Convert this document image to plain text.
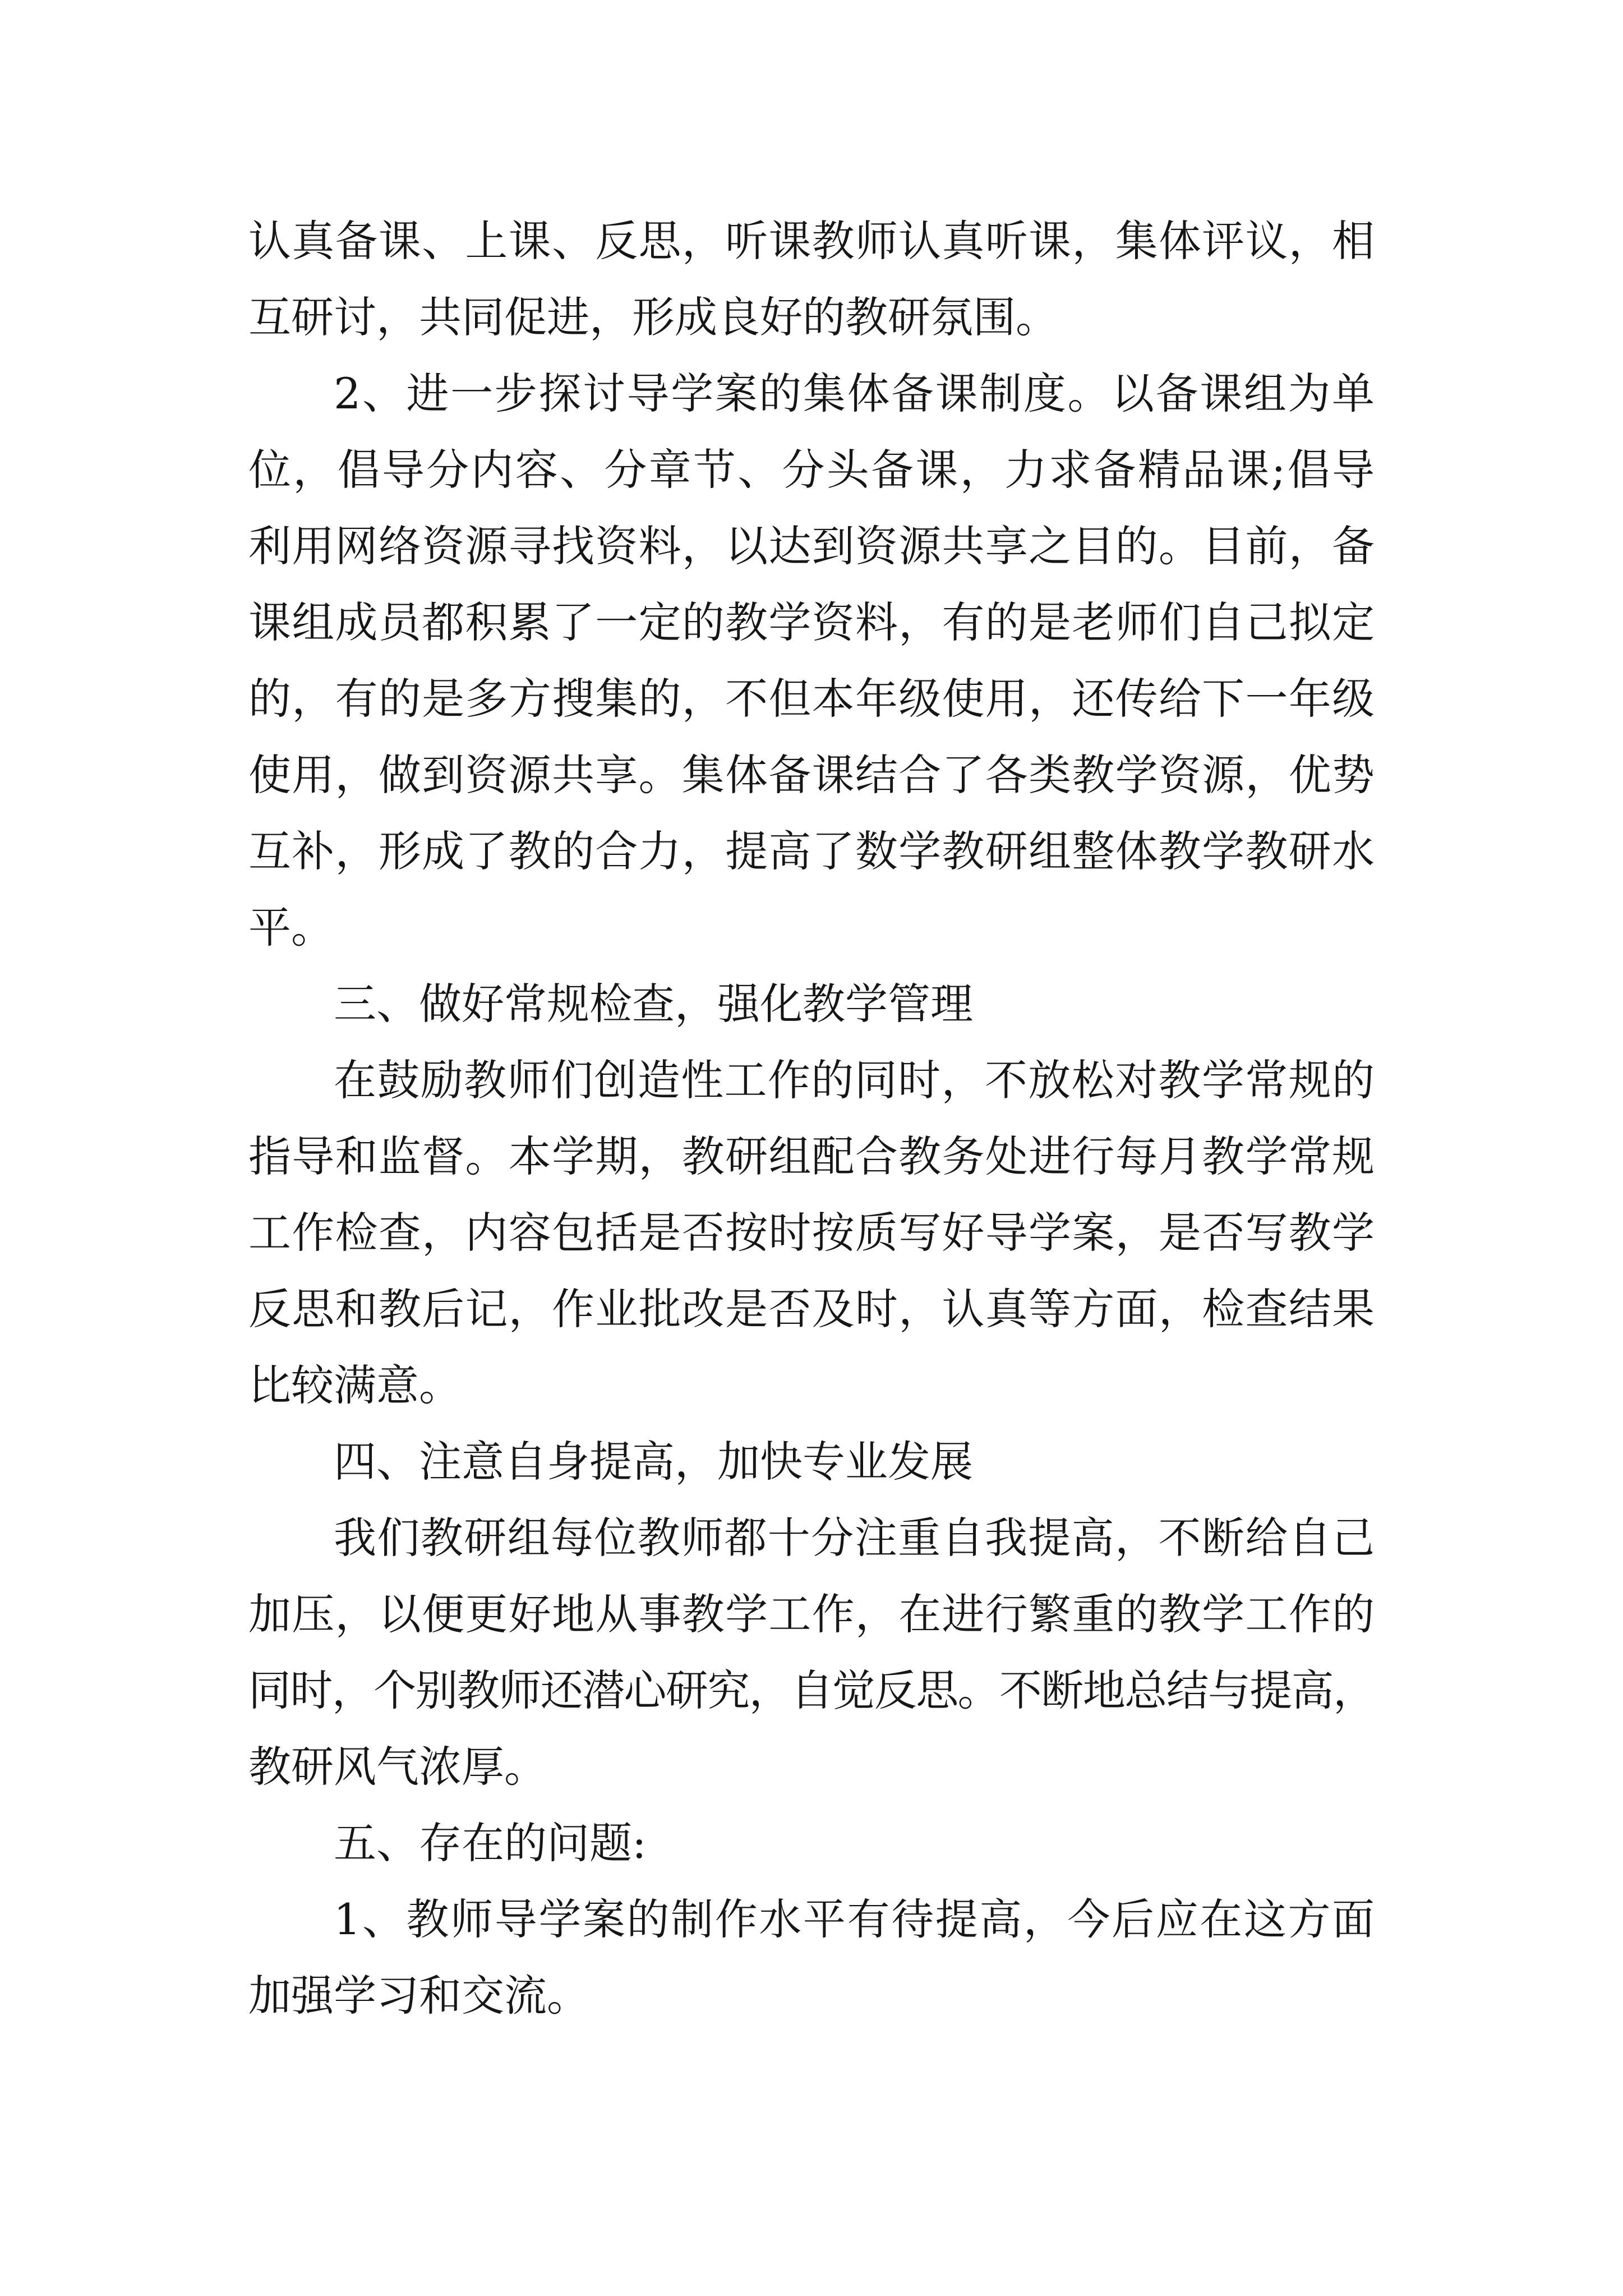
认真备课、上课、反思，听课教师认真听课，集体评议，相
互研讨，共同促进，形成良好的教研氛围。
2、进一步探讨导学案的集体备课制度。以备课组为单
位，倡导分内容、分章节、分头备课，力求备精品课;倡导
利用网络资源寻找资料，以达到资源共享之目的。目前，备
课组成员都积累了一定的教学资料，有的是老师们自己拟定
的，有的是多方搜集的，不但本年级使用，还传给下一年级
使用，做到资源共享。集体备课结合了各类教学资源，优势
互补，形成了教的合力，提高了数学教研组整体教学教研水
平。
三、做好常规检查，强化教学管理
在鼓励教师们创造性工作的同时，不放松对教学常规的
指导和监督。本学期，教研组配合教务处进行每月教学常规
工作检查，内容包括是否按时按质写好导学案，是否写教学
反思和教后记，作业批改是否及时，认真等方面，检查结果
比较满意。
四、注意自身提高，加快专业发展
我们教研组每位教师都十分注重自我提高，不断给自己
加压，以便更好地从事教学工作，在进行繁重的教学工作的
同时，个别教师还潜心研究，自觉反思。不断地总结与提高，
教研风气浓厚。
五、存在的问题:
1、教师导学案的制作水平有待提高，今后应在这方面
加强学习和交流。
